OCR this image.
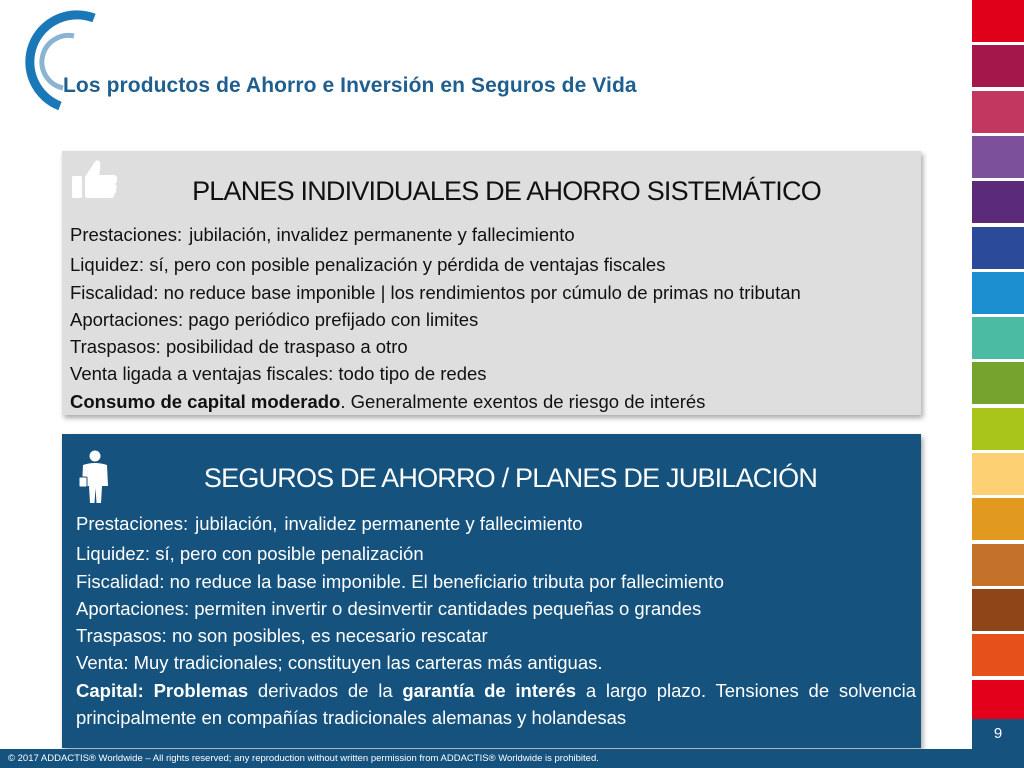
Los productos de Ahorro e Inversión en Seguros de Vida
PLANES INDIVIDUALES DE AHORRO SISTEMÁTICO
Prestaciones: jubilación, invalidez permanente y fallecimiento
Liquidez: sí, pero con posible penalización y pérdida de ventajas fiscales
Fiscalidad: no reduce base imponible | los rendimientos por cúmulo de primas no tributan
Aportaciones: pago periódico prefijado con limites
Traspasos: posibilidad de traspaso a otro
Venta ligada a ventajas fiscales: todo tipo de redes
Consumo de capital moderado. Generalmente exentos de riesgo de interés
SEGUROS DE AHORRO / PLANES DE JUBILACIÓN
Prestaciones: jubilación, invalidez permanente y fallecimiento
Liquidez: sí, pero con posible penalización
Fiscalidad: no reduce la base imponible. El beneficiario tributa por fallecimiento
Aportaciones: permiten invertir o desinvertir cantidades pequeñas o grandes
Traspasos: no son posibles, es necesario rescatar
Venta: Muy tradicionales; constituyen las carteras más antiguas.
Capital: Problemas derivados de la garantía de interés a largo plazo. Tensiones de solvencia principalmente en compañías tradicionales alemanas y holandesas
9
© 2017 ADDACTIS® Worldwide – All rights reserved; any reproduction without written permission from ADDACTIS® Worldwide is prohibited.
